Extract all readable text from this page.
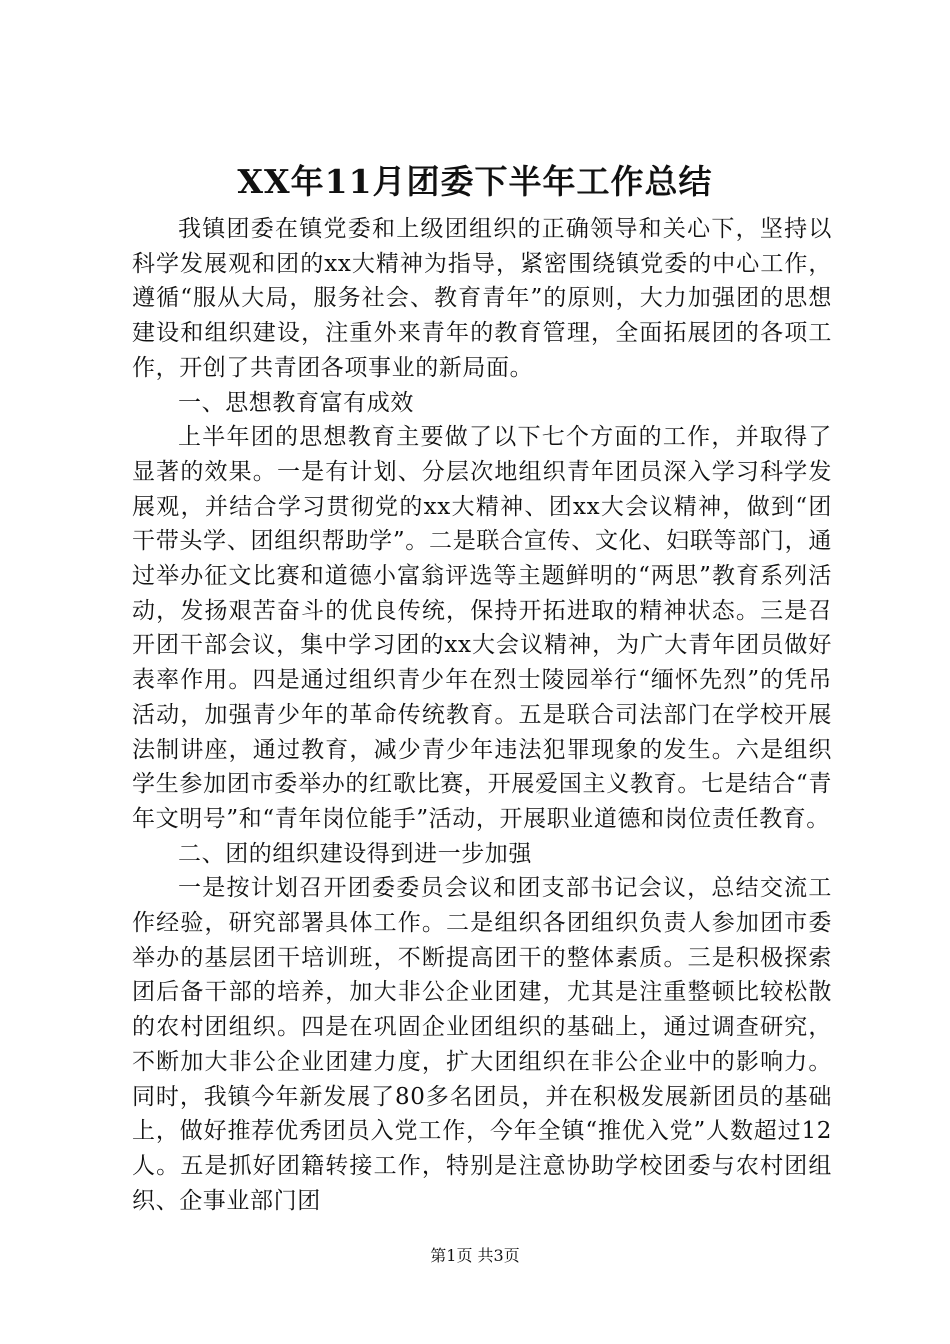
XX年11月团委下半年工作总结

我镇团委在镇党委和上级团组织的正确领导和关心下，坚持以科学发展观和团的xx大精神为指导，紧密围绕镇党委的中心工作，遵循“服从大局，服务社会、教育青年”的原则，大力加强团的思想建设和组织建设，注重外来青年的教育管理，全面拓展团的各项工作，开创了共青团各项事业的新局面。

一、思想教育富有成效

上半年团的思想教育主要做了以下七个方面的工作，并取得了显著的效果。一是有计划、分层次地组织青年团员深入学习科学发展观，并结合学习贯彻党的xx大精神、团xx大会议精神，做到“团干带头学、团组织帮助学”。二是联合宣传、文化、妇联等部门，通过举办征文比赛和道德小富翁评选等主题鲜明的“两思”教育系列活动，发扬艰苦奋斗的优良传统，保持开拓进取的精神状态。三是召开团干部会议，集中学习团的xx大会议精神，为广大青年团员做好表率作用。四是通过组织青少年在烈士陵园举行“缅怀先烈”的凭吊活动，加强青少年的革命传统教育。五是联合司法部门在学校开展法制讲座，通过教育，减少青少年违法犯罪现象的发生。六是组织学生参加团市委举办的红歌比赛，开展爱国主义教育。七是结合“青年文明号”和“青年岗位能手”活动，开展职业道德和岗位责任教育。

二、团的组织建设得到进一步加强

一是按计划召开团委委员会议和团支部书记会议，总结交流工作经验，研究部署具体工作。二是组织各团组织负责人参加团市委举办的基层团干培训班，不断提高团干的整体素质。三是积极探索团后备干部的培养，加大非公企业团建，尤其是注重整顿比较松散的农村团组织。四是在巩固企业团组织的基础上，通过调查研究，不断加大非公企业团建力度，扩大团组织在非公企业中的影响力。同时，我镇今年新发展了80多名团员，并在积极发展新团员的基础上，做好推荐优秀团员入党工作，今年全镇“推优入党”人数超过12人。五是抓好团籍转接工作，特别是注意协助学校团委与农村团组织、企事业部门团

第1页 共3页
